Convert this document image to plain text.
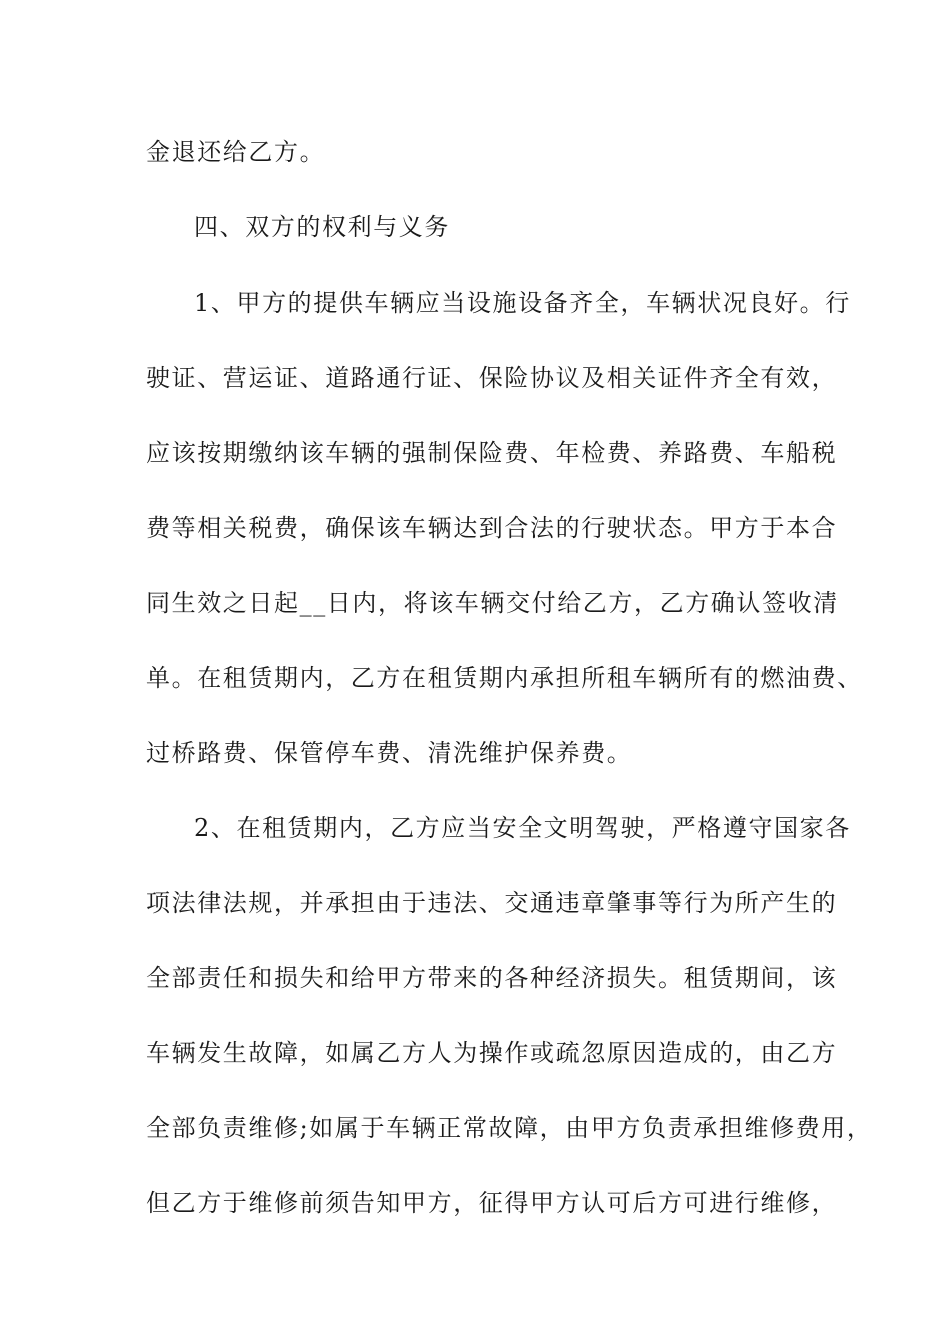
金退还给乙方。
四、双方的权利与义务
1、甲方的提供车辆应当设施设备齐全，车辆状况良好。行
驶证、营运证、道路通行证、保险协议及相关证件齐全有效，
应该按期缴纳该车辆的强制保险费、年检费、养路费、车船税
费等相关税费，确保该车辆达到合法的行驶状态。甲方于本合
同生效之日起__日内，将该车辆交付给乙方，乙方确认签收清
单。在租赁期内，乙方在租赁期内承担所租车辆所有的燃油费、
过桥路费、保管停车费、清洗维护保养费。
2、在租赁期内，乙方应当安全文明驾驶，严格遵守国家各
项法律法规，并承担由于违法、交通违章肇事等行为所产生的
全部责任和损失和给甲方带来的各种经济损失。租赁期间，该
车辆发生故障，如属乙方人为操作或疏忽原因造成的，由乙方
全部负责维修;如属于车辆正常故障，由甲方负责承担维修费用，
但乙方于维修前须告知甲方，征得甲方认可后方可进行维修，
